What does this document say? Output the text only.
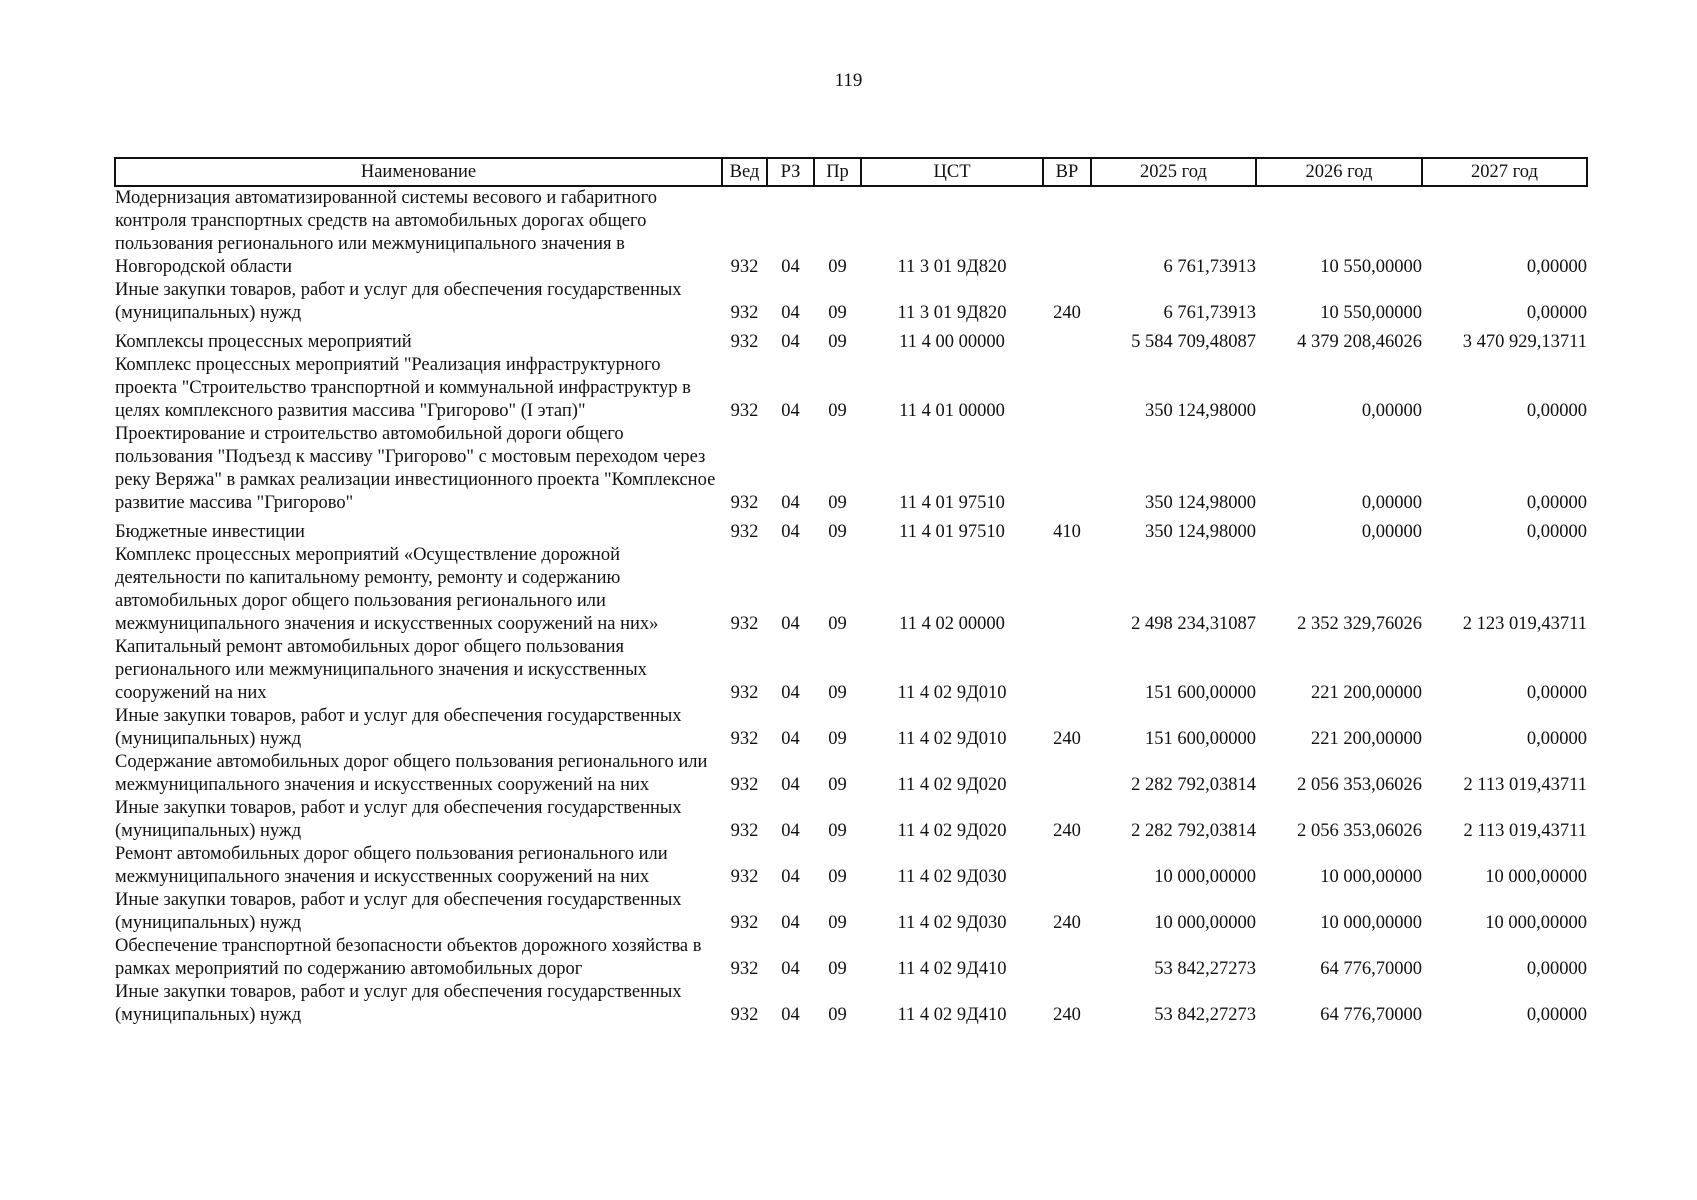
119
Наименование	Вед	РЗ	Пр	ЦСТ	ВР	2025 год	2026 год	2027 год
Модернизация автоматизированной системы весового и габаритного контроля транспортных средств на автомобильных дорогах общего пользования регионального или межмуниципального значения в Новгородской области	932	04	09	11 3 01 9Д820		6 761,73913	10 550,00000	0,00000
Иные закупки товаров, работ и услуг для обеспечения государственных (муниципальных) нужд	932	04	09	11 3 01 9Д820	240	6 761,73913	10 550,00000	0,00000
Комплексы процессных мероприятий	932	04	09	11 4 00 00000		5 584 709,48087	4 379 208,46026	3 470 929,13711
Комплекс процессных мероприятий "Реализация инфраструктурного проекта "Строительство транспортной и коммунальной инфраструктур в целях комплексного развития массива "Григорово" (I этап)"	932	04	09	11 4 01 00000		350 124,98000	0,00000	0,00000
Проектирование и строительство автомобильной дороги общего пользования "Подъезд к массиву "Григорово" с мостовым переходом через реку Веряжа" в рамках реализации инвестиционного проекта "Комплексное развитие массива "Григорово"	932	04	09	11 4 01 97510		350 124,98000	0,00000	0,00000
Бюджетные инвестиции	932	04	09	11 4 01 97510	410	350 124,98000	0,00000	0,00000
Комплекс процессных мероприятий «Осуществление дорожной деятельности по капитальному ремонту, ремонту и содержанию автомобильных дорог общего пользования регионального или межмуниципального значения и искусственных сооружений на них»	932	04	09	11 4 02 00000		2 498 234,31087	2 352 329,76026	2 123 019,43711
Капитальный ремонт автомобильных дорог общего пользования регионального или межмуниципального значения и искусственных сооружений на них	932	04	09	11 4 02 9Д010		151 600,00000	221 200,00000	0,00000
Иные закупки товаров, работ и услуг для обеспечения государственных (муниципальных) нужд	932	04	09	11 4 02 9Д010	240	151 600,00000	221 200,00000	0,00000
Содержание автомобильных дорог общего пользования регионального или межмуниципального значения и искусственных сооружений на них	932	04	09	11 4 02 9Д020		2 282 792,03814	2 056 353,06026	2 113 019,43711
Иные закупки товаров, работ и услуг для обеспечения государственных (муниципальных) нужд	932	04	09	11 4 02 9Д020	240	2 282 792,03814	2 056 353,06026	2 113 019,43711
Ремонт автомобильных дорог общего пользования регионального или межмуниципального значения и искусственных сооружений на них	932	04	09	11 4 02 9Д030		10 000,00000	10 000,00000	10 000,00000
Иные закупки товаров, работ и услуг для обеспечения государственных (муниципальных) нужд	932	04	09	11 4 02 9Д030	240	10 000,00000	10 000,00000	10 000,00000
Обеспечение транспортной безопасности объектов дорожного хозяйства в рамках мероприятий по содержанию автомобильных дорог	932	04	09	11 4 02 9Д410		53 842,27273	64 776,70000	0,00000
Иные закупки товаров, работ и услуг для обеспечения государственных (муниципальных) нужд	932	04	09	11 4 02 9Д410	240	53 842,27273	64 776,70000	0,00000
